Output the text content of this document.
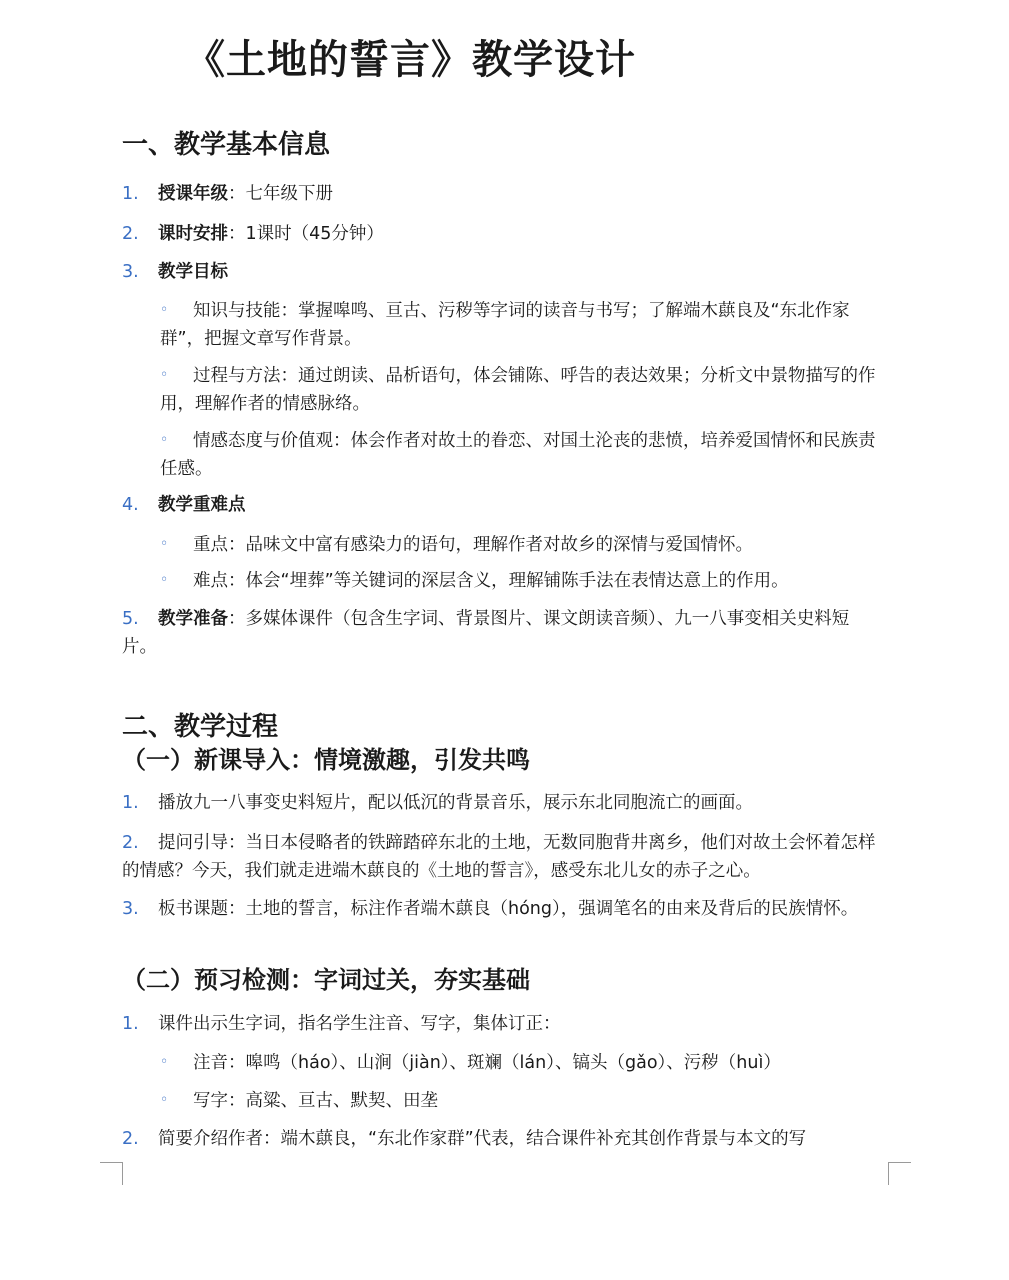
《土地的誓言》教学设计
一、教学基本信息
1. 授课年级：七年级下册
2. 课时安排：1课时（45分钟）
3. 教学目标
◦ 知识与技能：掌握嗥鸣、亘古、污秽等字词的读音与书写；了解端木蕻良及“东北作家群”，把握文章写作背景。
◦ 过程与方法：通过朗读、品析语句，体会铺陈、呼告的表达效果；分析文中景物描写的作用，理解作者的情感脉络。
◦ 情感态度与价值观：体会作者对故土的眷恋、对国土沦丧的悲愤，培养爱国情怀和民族责任感。
4. 教学重难点
◦ 重点：品味文中富有感染力的语句，理解作者对故乡的深情与爱国情怀。
◦ 难点：体会“埋葬”等关键词的深层含义，理解铺陈手法在表情达意上的作用。
5. 教学准备：多媒体课件（包含生字词、背景图片、课文朗读音频）、九一八事变相关史料短片。
二、教学过程
（一）新课导入：情境激趣，引发共鸣
1. 播放九一八事变史料短片，配以低沉的背景音乐，展示东北同胞流亡的画面。
2. 提问引导：当日本侵略者的铁蹄踏碎东北的土地，无数同胞背井离乡，他们对故土会怀着怎样的情感？今天，我们就走进端木蕻良的《土地的誓言》，感受东北儿女的赤子之心。
3. 板书课题：土地的誓言，标注作者端木蕻良（hóng），强调笔名的由来及背后的民族情怀。
（二）预习检测：字词过关，夯实基础
1. 课件出示生字词，指名学生注音、写字，集体订正：
◦ 注音：嗥鸣（háo）、山涧（jiàn）、斑斓（lán）、镐头（gǎo）、污秽（huì）
◦ 写字：高粱、亘古、默契、田垄
2. 简要介绍作者：端木蕻良，“东北作家群”代表，结合课件补充其创作背景与本文的写
